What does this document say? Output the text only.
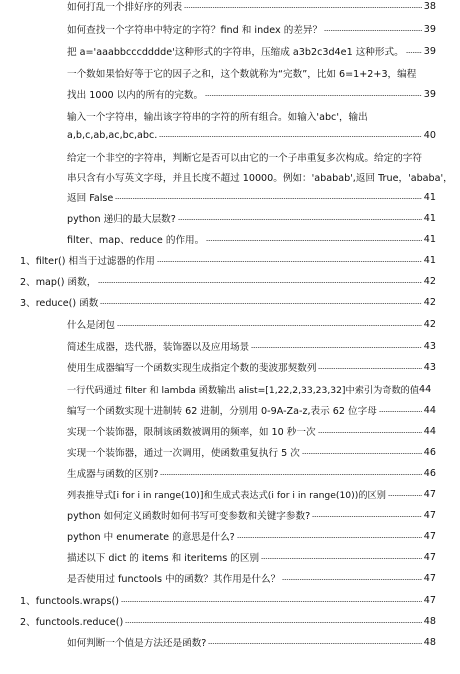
如何打乱一个排好序的列表	38
如何查找一个字符串中特定的字符？find 和 index 的差异？	39
把 a='aaabbcccdddde'这种形式的字符串，压缩成 a3b2c3d4e1 这种形式。 39
一个数如果恰好等于它的因子之和，这个数就称为“完数”，比如 6=1+2+3，编程
找出 1000 以内的所有的完数。	39
输入一个字符串，输出该字符串的字符的所有组合。如输入'abc'，输出
a,b,c,ab,ac,bc,abc.	40
给定一个非空的字符串，判断它是否可以由它的一个子串重复多次构成。给定的字符
串只含有小写英文字母，并且长度不超过 10000。例如：'ababab',返回 True，'ababa'，
返回 False	41
python 递归的最大层数?	41
filter、map、reduce 的作用。	41
1、filter() 相当于过滤器的作用	41
2、map() 函数，	42
3、reduce() 函数	42
什么是闭包	42
简述生成器，迭代器，装饰器以及应用场景	43
使用生成器编写一个函数实现生成指定个数的斐波那契数列	43
一行代码通过 filter 和 lambda 函数输出 alist=[1,22,2,33,23,32]中索引为奇数的值 44
编写一个函数实现十进制转 62 进制，分别用 0-9A-Za-z,表示 62 位字母	44
实现一个装饰器，限制该函数被调用的频率，如 10 秒一次	44
实现一个装饰器，通过一次调用，使函数重复执行 5 次	46
生成器与函数的区别?	46
列表推导式[i for i in range(10)]和生成式表达式(i for i in range(10))的区别	47
python 如何定义函数时如何书写可变参数和关键字参数?	47
python 中 enumerate 的意思是什么?	47
描述以下 dict 的 items 和 iteritems 的区别	47
是否使用过 functools 中的函数？其作用是什么？	47
1、functools.wraps()	47
2、functools.reduce()	48
如何判断一个值是方法还是函数?	48
